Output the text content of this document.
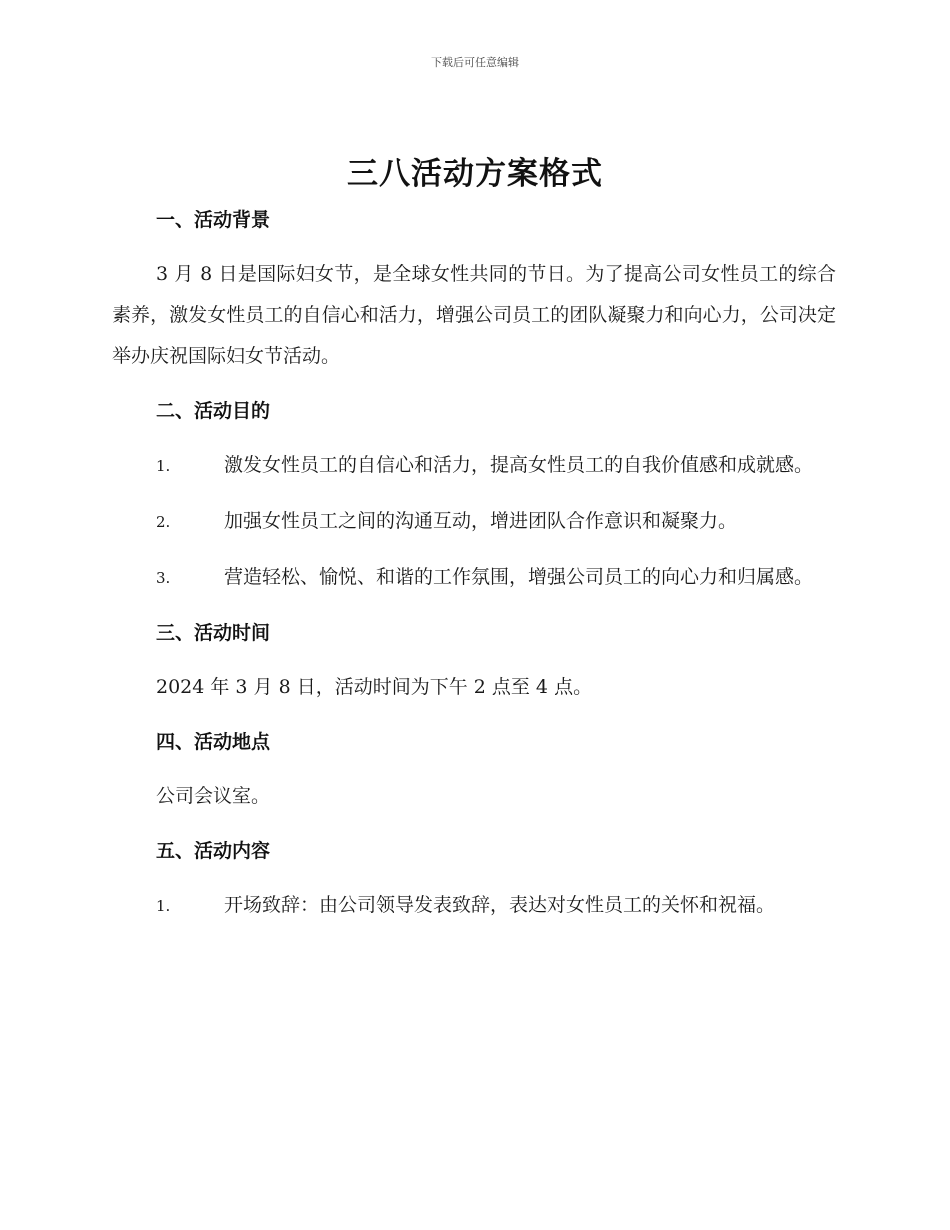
下载后可任意编辑
三八活动方案格式
一、活动背景
3 月 8 日是国际妇女节，是全球女性共同的节日。为了提高公司女性员工的综合素养，激发女性员工的自信心和活力，增强公司员工的团队凝聚力和向心力，公司决定举办庆祝国际妇女节活动。
二、活动目的
1.	激发女性员工的自信心和活力，提高女性员工的自我价值感和成就感。
2.	加强女性员工之间的沟通互动，增进团队合作意识和凝聚力。
3.	营造轻松、愉悦、和谐的工作氛围，增强公司员工的向心力和归属感。
三、活动时间
2024 年 3 月 8 日，活动时间为下午 2 点至 4 点。
四、活动地点
公司会议室。
五、活动内容
1.	开场致辞：由公司领导发表致辞，表达对女性员工的关怀和祝福。
